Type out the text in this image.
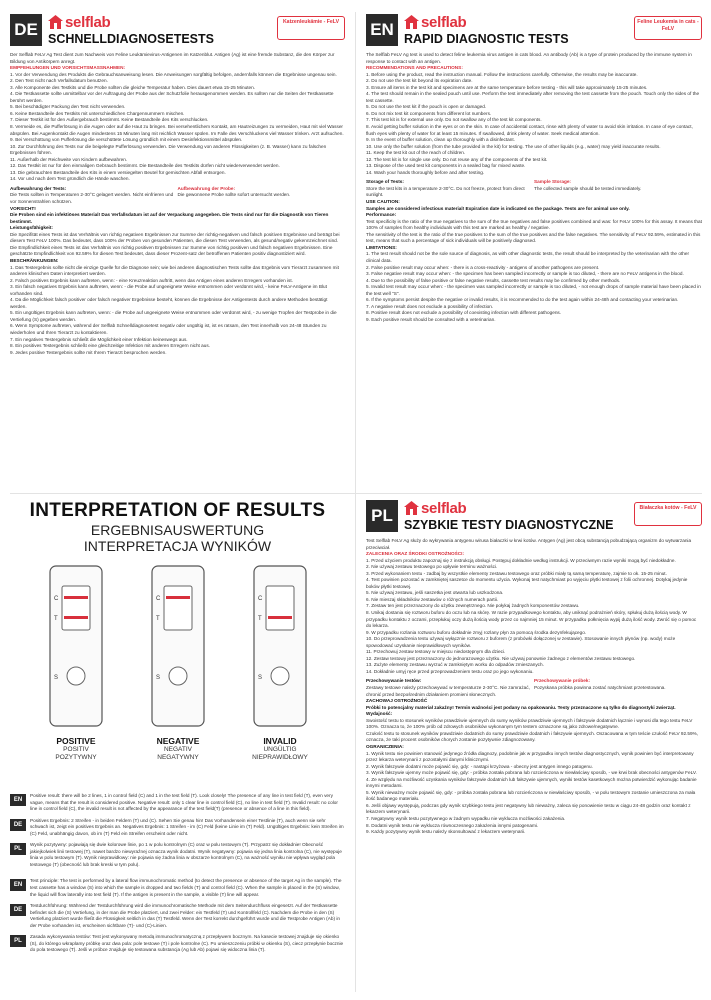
DE selflab
SCHNELLDIAGNOSETESTS
Katzenleukämie - FeLV

Der Selflab FeLV Ag Test dient zum Nachweis von Feline Leukämievirus-Antigenen im Katzenblut. Antigen (Ag) ist eine fremde Substanz, die den Körper zur Bildung von Antikörpern anregt.

EMPFEHLUNGEN UND VORSICHTSMASSNAHMEN:

1. Vor der Verwendung des Produkts die Gebrauchsanweisung lesen. Die Anweisungen sorgfältig befolgen, andernfalls können die Ergebnisse ungenau sein.

2. Den Test nicht nach Verfallsdatum benutzen.

3. Alle Komponente des Testkits und die Probe sollten die gleiche Temperatur haben. Dies dauert etwa 15-25 Minuten.

4. Die Testkassette sollte unmittelbar vor der Auftragung der Probe aus der Schutzfolie herausgenommen werden. Es sollten nur die Seiten der Testkassette berührt werden.

5. Bei beschädigter Packung den Test nicht verwenden.

6. Keine Bestandteile des Testkits mit unterschiedlichen Chargennummern mischen.

7. Dieser Testkit ist für den Außergebrauch bestimmt. Keine Bestandteile des Kits verschlucken.

8. Vermeide es, die Pufferlösung in die Augen oder auf die Haut zu bringen. Bei versehentlichem Kontakt, am Hautreizungen zu vermeiden, Haut mit viel Wasser abspülen. Bei Augenkontakt die Augen mindestens 15 Minuten lang mit reichlich Wasser spülen. Im Falle des Verschluckens viel Wasser trinken. Arzt aufsuchen.

9. Bei Verschüttung von Pufferlösung die verschüttete Lösung gründlich mit einem Desinfektionsmittel abspülen.

10. Zur Durchführung des Tests nur die beigelegte Pufferlösung verwenden. Die Verwendung von anderen Flüssigkeiten (z. B. Wasser) kann zu falschen Ergebnissen führen.

11. Außerhalb der Reichweite von Kindern aufbewahren.

12. Das Testkit ist nur für den einmaligen Gebrauch bestimmt. Die Bestandteile des Testkits dürfen nicht wiederverwendet werden.

13. Die gebrauchten Bestandteile des Kits in einem versiegelten Beutel für gemischten Abfall entsorgen.

14. Vor und nach dem Test gründlich die Hände waschen.

Aufbewahrung der Tests:
Die Tests sollten in Temperaturen 2-30°C gelagert werden. Nicht einfrieren und vor Sonnenstrahlen schützen.
Aufbewahrung der Probe:
Die gewonnene Probe sollte sofort untersucht werden.

VORSICHT!

Die Proben sind ein infektiöses Material! Das Verfallsdatum ist auf der Verpackung angegeben. Die Tests sind nur für die Diagnostik von Tieren bestimmt.

Leistungsfähigkeit:

Die Spezifität eines Tests ist das Verhältnis von richtig negativen Ergebnissen zur Summe der richtig-negativen und falsch positiven Ergebnisse und beträgt bei diesem Test FeLV 100%. Das bedeutet, dass 100% der Proben von gesunden Patienten, die diesen Test verwenden, als gesund/negativ gekennzeichnet sind.

Die Empfindlichkeit eines Tests ist das Verhältnis von richtig positiven Ergebnissen zur Summe von richtig positiven und falsch negativen Ergebnissen. Eine geschätzte Empfindlichkeit von 92.59% für diesen Test bedeutet, dass dieser Prozent-satz der betroffenen Patienten positiv diagnostiziert wird.

BESCHRÄNKUNGEN:

1. Das Testergebnis sollte nicht die einzige Quelle für die Diagnose sein; wie bei anderen diagnostischen Tests sollte das Ergebnis vom Tierarzt zusammen mit anderen klinischen Daten interpretiert werden.

2. Falsch positives Ergebnis kann auftreten, wenn: - eine Kreuzreaktion auftritt, wenn das Antigen eines anderen Erregers vorhanden ist.

3. Ein falsch negatives Ergebnis kann auftreten, wenn: - die Probe auf ungeeignete Weise entnommen oder verdünnt wird, - keine FeLV-Antigene im Blut vorhanden sind.

4. Da die Möglichkeit falsch positiver oder falsch negativer Ergebnisse besteht, können die Ergebnisse der Antigentests durch andere Methoden bestätigt werden.

5. Ein ungültiges Ergebnis kann auftreten, wenn: - die Probe auf ungeeignete Weise entnommen oder verdünnt wird, - zu wenige Tropfen der Testprobe in die Vertiefung (S) gegeben werden.

6. Wenn Symptome auftreten, während der Selflab Schnelldiagnosetest negativ oder ungültig ist, ist es ratsam, den Test innerhalb von 24-48 Stunden zu wiederholen und Ihren Tierarzt zu kontaktieren.

7. Ein negatives Testergebnis schließt die Möglichkeit einer Infektion keineswegs aus.

8. Ein positives Testergebnis schließt eine gleichzeitige Infektion mit anderen Erregern nicht aus.

9. Jedes positive Testergebnis sollte mit Ihrem Tierarzt besprochen werden.

EN selflab
RAPID DIAGNOSTIC TESTS
Feline Leukemia in cats - FeLV

The Selflab FeLV Ag test is used to detect feline leukemia virus antigen in cats blood. An antibody (Ab) is a type of protein produced by the immune system in response to contact with an antigen.

RECOMMENDATIONS AND PRECAUTIONS:

1. Before using the product, read the instruction manual. Follow the instructions carefully. Otherwise, the results may be inaccurate.

2. Do not use the test kit beyond its expiration date.

3. Ensure all items in the test kit and specimens are at the same temperature before testing - this will take approximately 15-25 minutes.

4. The test should remain in the sealed pouch until use. Perform the test immediately after removing the test cassette from the pouch. Touch only the sides of the test cassette.

5. Do not use the test kit if the pouch is open or damaged.

6. Do not mix test kit components from different lot numbers.

7. This test kit is for external use only. Do not swallow any of the test kit components.

8. Avoid getting buffer solution in the eyes or on the skin. In case of accidental contact, rinse with plenty of water to avoid skin irritation. In case of eye contact, flush eyes with plenty of water for at least 15 minutes. If swallowed, drink plenty of water. Seek medical attention.

9. In the event of buffer solution, clean up thoroughly with a disinfectant.

10. Use only the buffer solution (from the tube provided in the kit) for testing. The use of other liquids (e.g., water) may yield inaccurate results.

11. Keep the test kit out of the reach of children.

12. The test kit is for single use only. Do not reuse any of the components of the test kit.

13. Dispose of the used test kit components in a sealed bag for mixed waste.

14. Wash your hands thoroughly before and after testing.

Storage of Tests:
Store the test kits in a temperature 2-30°C. Do not freeze, protect from direct sunlight.
Sample Storage:
The collected sample should be tested immediately.

USE CAUTION:

Samples are considered infectious material! Expiration date is indicated on the package. Tests are for animal use only.

Performance:

Test specificity is the ratio of the true negatives to the sum of the true negatives and false positives combined and was: for FeLV 100% for this assay. It means that 100% of samples from healthy individuals with this test are marked as healthy / negative.

The sensitivity of the test is the ratio of the true positives to the sum of the true positives and the false negatives. The sensitivity of FeLV 92.59%, estimated in this test, means that such a percentage of sick individuals will be positively diagnosed.

LIMITATIONS:

1. The test result should not be the sole source of diagnosis, as with other diagnostic tests, the result should be interpreted by the veterinarian with the other clinical data.

2. False positive result may occur when: - there is a cross-reactivity - antigens of another pathogens are present.

3. False negative result may occur when: - the specimen has been sampled incorrectly or sample is too diluted, - there are no FeLV antigens in the blood.

4. Due to the possibility of false positive or false negative results, cassette test results may be confirmed by other methods.

5. Invalid test result may occur when: - the specimen was sampled incorrectly or sample is too diluted, - not enough drops of sample material have been placed in the test well "S".

6. If the symptoms persist despite the negative or invalid results, it is recommended to do the test again within 24-48h and contacting your veterinarian.

7. A negative result does not exclude a possibility of infection.

8. Positive result does not exclude a possibility of coexisting infection with different pathogens.

9. Each positive result should be consulted with a veterinarian.

INTERPRETATION OF RESULTS
ERGEBNISAUSWERTUNG
INTERPRETACJA WYNIKÓW
C
T
S
C
T
S
C
T
S
POSITIVE
POSITIV
POZYTYWNY
NEGATIVE
NEGATIV
NEGATYWNY
INVALID
UNGÜLTIG
NIEPRAWIDŁOWY
EN
Positive result: there will be 2 lines, 1 in control field (C) and 1 in the test field (T). Look closely! The presence of any line in test field (T), even very vague, means that the result is considered positive. Negative result: only 1 clear line in control field (C), no line in test field (T). Invalid result: no color line in control field (C), the invalid result is not affected by the appearance of the test field(T) (presence or absence of a line in this field).
DE
Positives Ergebnis: 2 Streifen - in beiden Feldern (T) und (C). Sehen Sie genau hin! Das Vorhandensein einer Testlinie (T), auch wenn sie sehr schwach ist, zeigt ein positives Ergebnis an. Negatives Ergebnis: 1 Streifen - im (C) Feld (keine Linie im (T) Feld). Ungültiges Ergebnis: kein Streifen im (C) Feld, unabhängig davon, ob im (T) Feld ein Streifen erscheint oder nicht.
PL
Wynik pozytywny: pojawiają się dwie kolorowe linie, po 1 w polu kontrolnym (C) oraz w polu testowym (T). Przypatrz się dokładnie! Obecność jakiejkolwiek linii testowej (T), nawet bardzo niewyraźnej oznacza wynik dodatni. Wynik negatywny: pojawia się jedna linia kontrolna (C), nie występuje linia w polu testowym (T). Wynik nieprawidłowy: nie pojawia się żadna linia w obszarze kontrolnym (C), na ważność wyniku nie wpływa wygląd pola testowego (T) (obecność lub brak kreski w tym polu).
EN
Test principle: The test is performed by a lateral flow immunochromatic method (to detect the presence or absence of the target Ag in the sample). The test cassette has a window (S) into which the sample is dropped and two fields (T) and control field (C). When the sample is placed in the (S) window, the liquid will flow laterally into test field (T). If the antigen is present in the sample, a visible (T) line will appear.
DE
Testdurchführung: Während der Testdurchführung wird die immunochromatische Methode mit dem Seitendurchfluss eingesetzt. Auf der Testkassette befindet sich die (S) Vertiefung, in der man die Probe platziert, und zwei Felder: ein Testfeld (T) und Kontrollfeld (C). Nachdem die Probe in den (S) Vertiefung platziert wurde fließt die Flüssigkeit seitlich in das (T) Testfeld. Wenn der Test korrekt durchgeführt wurde und die Testprobe Antigen (Ab) in der Probe vorhanden ist, erscheinen sichtbare (T)- und (C)-Linien.
PL
Zasada wykonywania testów: Test jest wykonywany metodą immunochromatyczną z przepływem bocznym. Na kasecie testowej znajduje się okienko (S), do którego wkraplamy próbkę oraz dwa pola: pole testowe (T) i pole kontrolne (C). Po umieszczeniu próbki w okienku (S), ciecz przepłynie bocznie do pola testowego (T). Jeśli w próbce znajduje się testowana substancja (Ag lub Ab) pojawi się widoczna linia (T).
PL	selflab
SZYBKIE TESTY DIAGNOSTYCZNE
Białaczka kotów - FeLV

Test Selflab FeLV Ag służy do wykrywania antygenu wirusa białaczki w krwi kotów. Antygen (Ag) jest obcą substancją pobudzającą organizm do wytwarzania przeciwciał.

ZALECENIA ORAZ ŚRODKI OSTROŻNOŚCI:

1. Przed użyciem produktu zapoznaj się z instrukcją obsługi. Postępuj dokładnie według instrukcji. W przeciwnym razie wyniki mogą być niedokładne.

2. Nie używaj zestawu testowego po upływie terminu ważności.

3. Przed wykonaniem testu - zadbaj by wszystkie elementy zestawu testowego oraz próbki miały tą samą temperaturę, zajmie to ok. 15-25 minut.

4. Test powinien pozostać w zamkniętej saszetce do momentu użycia. Wykonaj test natychmiast po wyjęciu płytki testowej z folii ochronnej. Dotykaj jedynie boków płytki testowej.

5. Nie używaj zestawu, jeśli saszetka jest otwarta lub uszkodzona.

6. Nie mieszaj składników zestawów o różnych numerach partii.

7. Zestaw ten jest przeznaczony do użytku zewnętrznego. Nie połykaj żadnych komponentów zestawu.

8. Unikaj dostania się roztworu buforu do oczu lub na skórę. W razie przypadkowego kontaktu, aby uniknąć podrażnień skóry, spłukuj dużą ilością wody. W przypadku kontaktu z oczami, przepłukuj oczy dużą ilością wody przez co najmniej 15 minut. W przypadku połknięcia wypij dużą ilość wody. Zwróć się o pomoc do lekarza.

9. W przypadku rozlania roztworu buforu dokładnie zmyj rozlany płyn za pomocą środka dezynfekującego.

10. Do przeprowadzenia testu używaj wyłącznie roztworu z buforem (z probówki dołączonej w zestawie). Stosowanie innych płynów (np. wody) może spowodować uzyskanie nieprawidłowych wyników.

11. Przechowuj zestaw testowy w miejscu niedostępnym dla dzieci.

12. Zestaw testowy jest przeznaczony do jednorazowego użytku. Nie używaj ponownie żadnego z elementów zestawu testowego.

13. Zużyte elementy zestawu wyrzuć w zamkniętym worku do odpadów zmieszanych.

14. Dokładnie umyj ręce przed przeprowadzeniem testu oraz po jego wykonaniu.

Przechowywanie testów:
Zestawy testowe należy przechowywać w temperaturze 2-30°C. Nie zamrażać, chronić przed bezpośrednim działaniem promieni słonecznych.
Przechowywanie próbek:
Pozyskana próbka powinna zostać natychmiast przetestowana.

ZACHOWAJ OSTROŻNOŚĆ

Próbki to potencjalny materiał zakaźny! Termin ważności jest podany na opakowaniu. Testy przeznaczone są tylko do diagnostyki zwierząt.

Wydajność:

Swoistość testu to stosunek wyników prawdziwie ujemnych do sumy wyników prawdziwie ujemnych i fałszywie dodatnich łącznie i wynosi dla tego testu FeLV 100%. Oznacza to, że 100% prób od zdrowych osobników wykonanym tym testem oznaczone są jako zdrowe/negatywne.

Czułość testu to stosunek wyników prawdziwie dodatnich do sumy prawdziwie dodatnich i fałszywie ujemnych. Oszacowana w tym teście czułość FeLV 92.59%, oznacza, że taki procent osobników chorych zostanie pozytywnie zdiagnozowany.

OGRANICZENIA:

1. Wynik testu nie powinien stanowić jedynego źródła diagnozy, podobnie jak w przypadku innych testów diagnostycznych, wynik powinien być interpretowany przez lekarza weterynarii z pozostałymi danymi klinicznymi.

2. Wynik fałszywie dodatni może pojawić się, gdy: - nastąpi krzyżowa - obecny jest antygen innego patogenu.

3. Wynik fałszywie ujemny może pojawić się, gdy: - próbka została pobrana lub rozcieńczona w niewłaściwy sposób, - we krwi brak obecności antygenów FeLV.

4. Ze względu na możliwość uzyskania wyników fałszywie dodatnich lub fałszywie ujemnych, wyniki testów kasetkowych można potwierdzić wykonując badanie innymi metodami.

5. Wynik nieważny może pojawić się, gdy: - próbka została pobrana lub rozcieńczona w niewłaściwy sposób, - w polu testowym zostanie umieszczona za mała ilość badanego materiału.

6. Jeśli objawy występują, podczas gdy wynik szybkiego testu jest negatywny lub nieważny, zaleca się ponowienie testu w ciągu 24-48 godzin oraz kontakt z lekarzem weterynarii.

7. Negatywny wynik testu pozytywnego w żadnym wypadku nie wyklucza możliwości zakażenia.

8. Dodatni wynik testu nie wyklucza równoczesnego zakażenia innymi patogenami.

9. Każdy pozytywny wynik testu należy skonsultować z lekarzem weterynarii.
